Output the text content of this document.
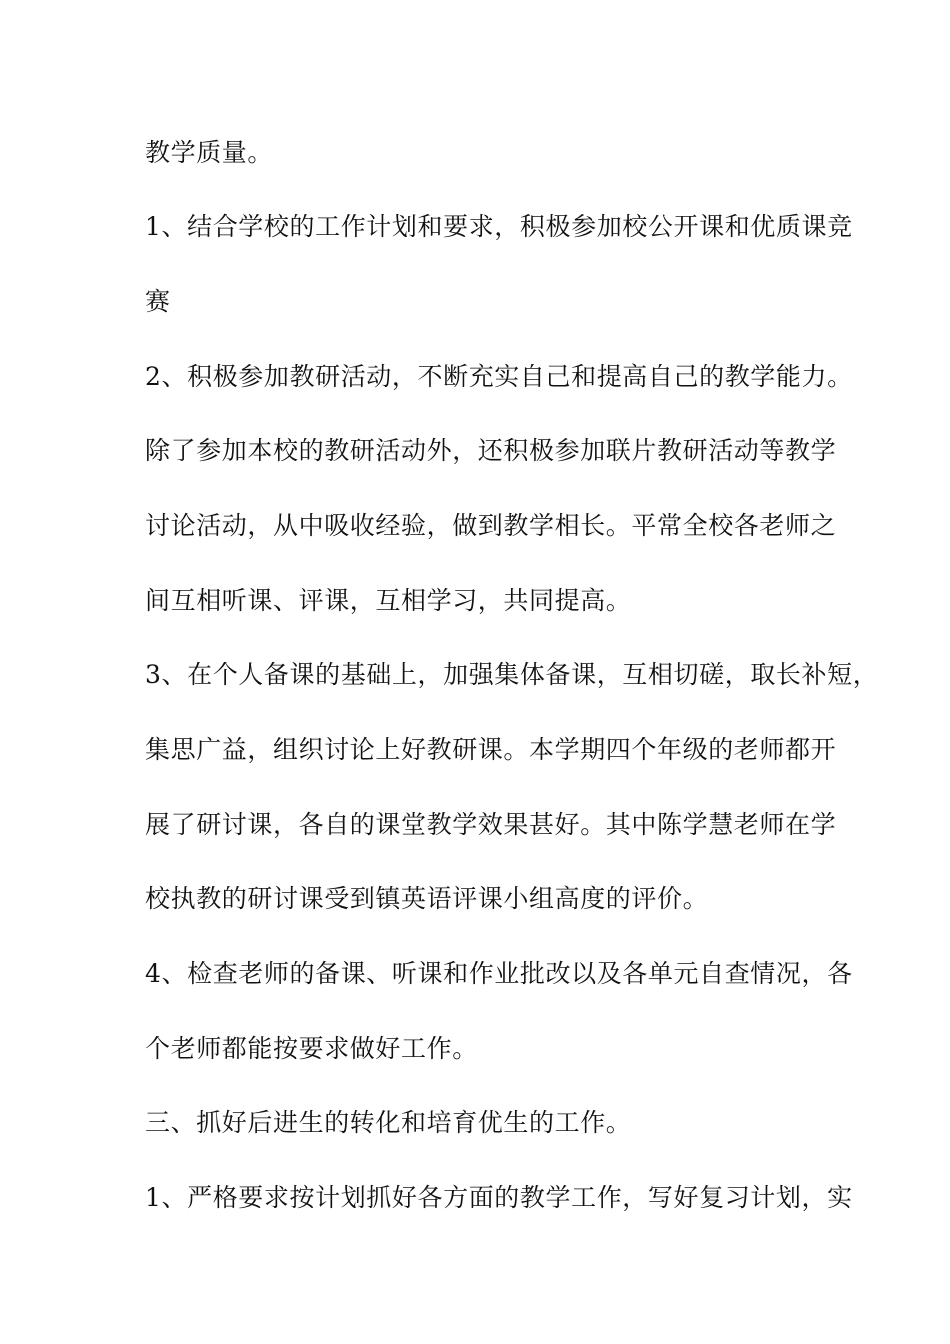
教学质量。
1、结合学校的工作计划和要求，积极参加校公开课和优质课竞
赛
2、积极参加教研活动，不断充实自己和提高自己的教学能力。
除了参加本校的教研活动外，还积极参加联片教研活动等教学
讨论活动，从中吸收经验，做到教学相长。平常全校各老师之
间互相听课、评课，互相学习，共同提高。
3、在个人备课的基础上，加强集体备课，互相切磋，取长补短，
集思广益，组织讨论上好教研课。本学期四个年级的老师都开
展了研讨课，各自的课堂教学效果甚好。其中陈学慧老师在学
校执教的研讨课受到镇英语评课小组高度的评价。
4、检查老师的备课、听课和作业批改以及各单元自查情况，各
个老师都能按要求做好工作。
三、抓好后进生的转化和培育优生的工作。
1、严格要求按计划抓好各方面的教学工作，写好复习计划，实
